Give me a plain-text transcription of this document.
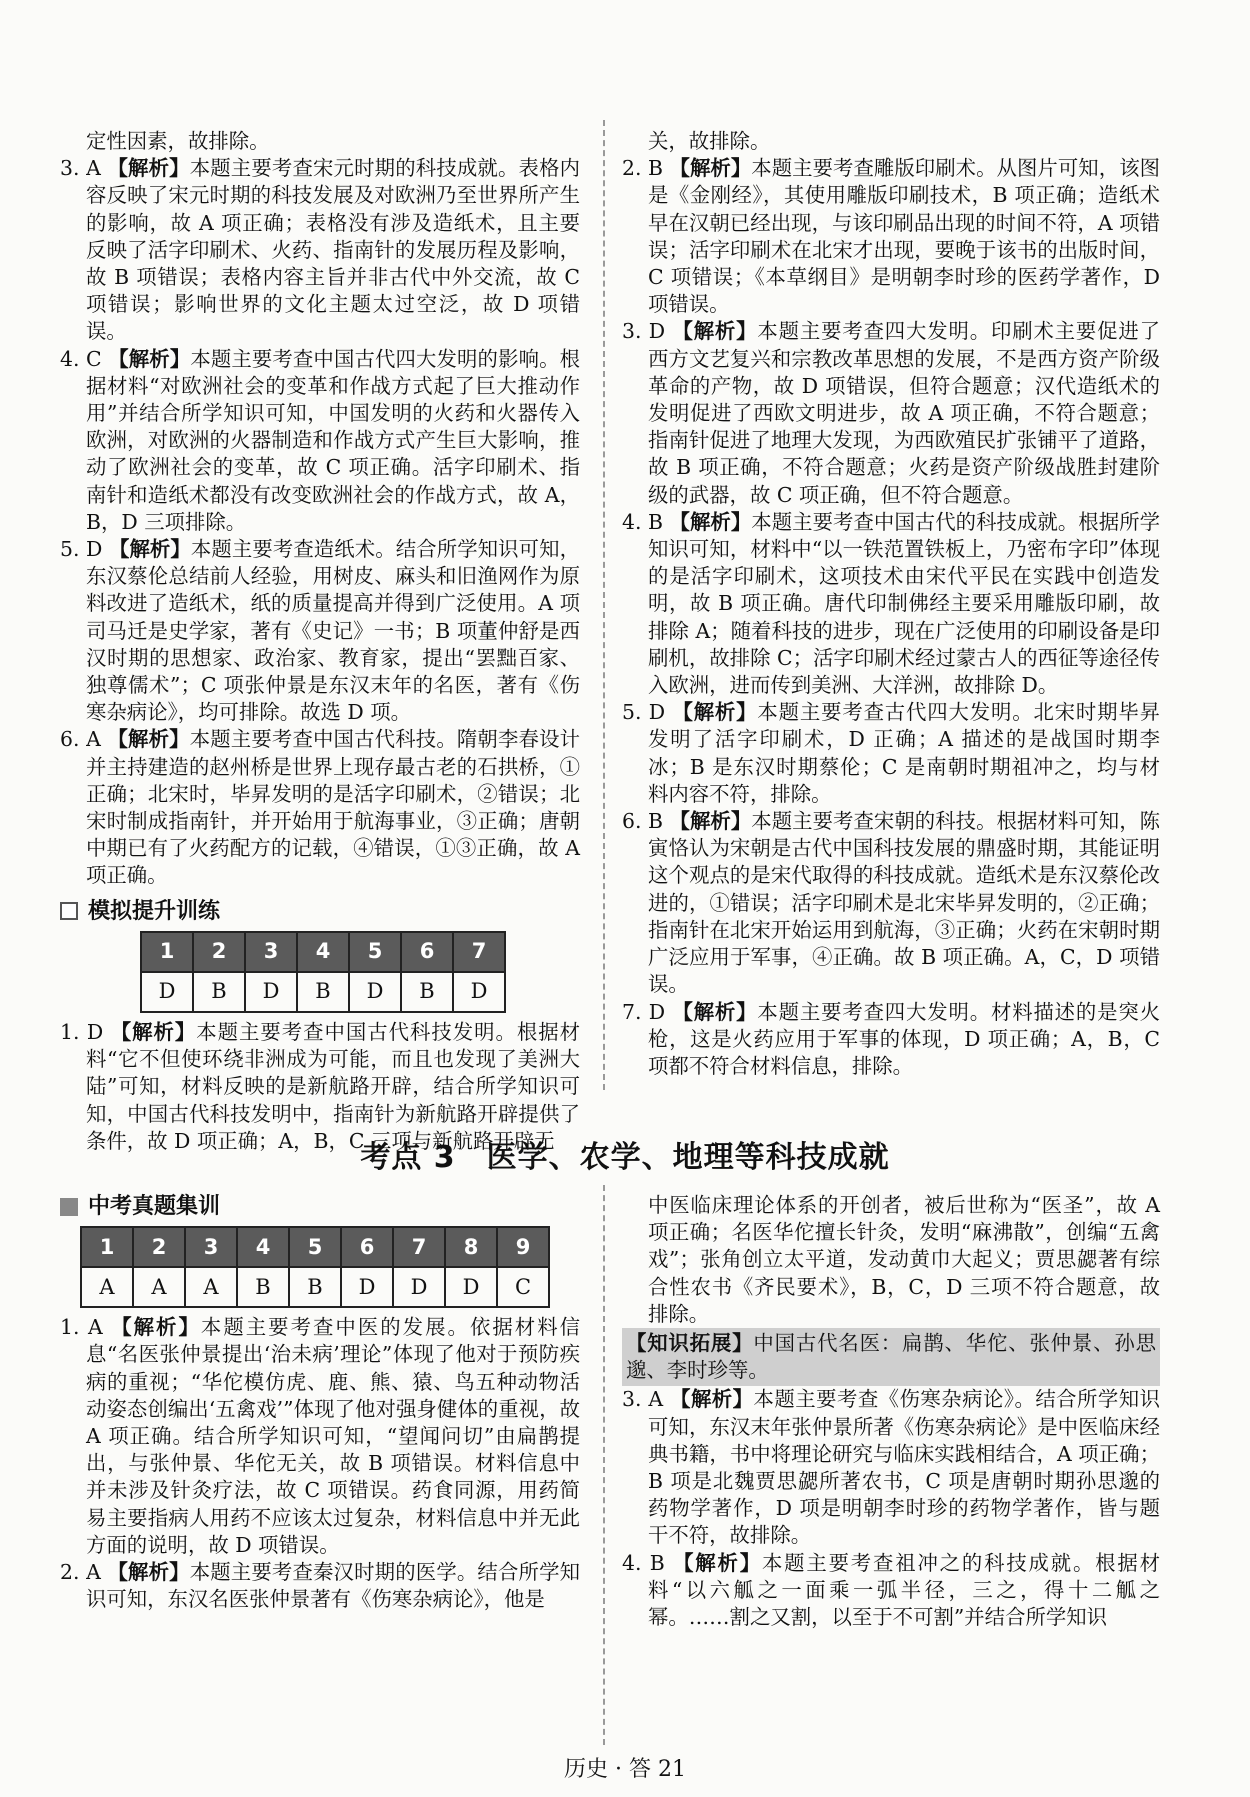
定性因素，故排除。

3. A 【解析】本题主要考查宋元时期的科技成就。表格内容反映了宋元时期的科技发展及对欧洲乃至世界所产生的影响，故 A 项正确；表格没有涉及造纸术，且主要反映了活字印刷术、火药、指南针的发展历程及影响，故 B 项错误；表格内容主旨并非古代中外交流，故 C 项错误；影响世界的文化主题太过空泛，故 D 项错误。

4. C 【解析】本题主要考查中国古代四大发明的影响。根据材料“对欧洲社会的变革和作战方式起了巨大推动作用”并结合所学知识可知，中国发明的火药和火器传入欧洲，对欧洲的火器制造和作战方式产生巨大影响，推动了欧洲社会的变革，故 C 项正确。活字印刷术、指南针和造纸术都没有改变欧洲社会的作战方式，故 A，B，D 三项排除。

5. D 【解析】本题主要考查造纸术。结合所学知识可知，东汉蔡伦总结前人经验，用树皮、麻头和旧渔网作为原料改进了造纸术，纸的质量提高并得到广泛使用。A 项司马迁是史学家，著有《史记》一书；B 项董仲舒是西汉时期的思想家、政治家、教育家，提出“罢黜百家、独尊儒术”；C 项张仲景是东汉末年的名医，著有《伤寒杂病论》，均可排除。故选 D 项。

6. A 【解析】本题主要考查中国古代科技。隋朝李春设计并主持建造的赵州桥是世界上现存最古老的石拱桥，①正确；北宋时，毕昇发明的是活字印刷术，②错误；北宋时制成指南针，并开始用于航海事业，③正确；唐朝中期已有了火药配方的记载，④错误，①③正确，故 A 项正确。

模拟提升训练
1	2	3	4	5	6	7
D	B	D	B	D	B	D

1. D 【解析】本题主要考查中国古代科技发明。根据材料“它不但使环绕非洲成为可能，而且也发现了美洲大陆”可知，材料反映的是新航路开辟，结合所学知识可知，中国古代科技发明中，指南针为新航路开辟提供了条件，故 D 项正确；A，B，C 三项与新航路开辟无

关，故排除。

2. B 【解析】本题主要考查雕版印刷术。从图片可知，该图是《金刚经》，其使用雕版印刷技术，B 项正确；造纸术早在汉朝已经出现，与该印刷品出现的时间不符，A 项错误；活字印刷术在北宋才出现，要晚于该书的出版时间，C 项错误；《本草纲目》是明朝李时珍的医药学著作，D 项错误。

3. D 【解析】本题主要考查四大发明。印刷术主要促进了西方文艺复兴和宗教改革思想的发展，不是西方资产阶级革命的产物，故 D 项错误，但符合题意；汉代造纸术的发明促进了西欧文明进步，故 A 项正确，不符合题意；指南针促进了地理大发现，为西欧殖民扩张铺平了道路，故 B 项正确，不符合题意；火药是资产阶级战胜封建阶级的武器，故 C 项正确，但不符合题意。

4. B 【解析】本题主要考查中国古代的科技成就。根据所学知识可知，材料中“以一铁范置铁板上，乃密布字印”体现的是活字印刷术，这项技术由宋代平民在实践中创造发明，故 B 项正确。唐代印制佛经主要采用雕版印刷，故排除 A；随着科技的进步，现在广泛使用的印刷设备是印刷机，故排除 C；活字印刷术经过蒙古人的西征等途径传入欧洲，进而传到美洲、大洋洲，故排除 D。

5. D 【解析】本题主要考查古代四大发明。北宋时期毕昇发明了活字印刷术，D 正确；A 描述的是战国时期李冰；B 是东汉时期蔡伦；C 是南朝时期祖冲之，均与材料内容不符，排除。

6. B 【解析】本题主要考查宋朝的科技。根据材料可知，陈寅恪认为宋朝是古代中国科技发展的鼎盛时期，其能证明这个观点的是宋代取得的科技成就。造纸术是东汉蔡伦改进的，①错误；活字印刷术是北宋毕昇发明的，②正确；指南针在北宋开始运用到航海，③正确；火药在宋朝时期广泛应用于军事，④正确。故 B 项正确。A，C，D 项错误。

7. D 【解析】本题主要考查四大发明。材料描述的是突火枪，这是火药应用于军事的体现，D 项正确；A，B，C 项都不符合材料信息，排除。

考点 3　医学、农学、地理等科技成就
中考真题集训
1	2	3	4	5	6	7	8	9
A	A	A	B	B	D	D	D	C

1. A 【解析】本题主要考查中医的发展。依据材料信息“名医张仲景提出‘治未病’理论”体现了他对于预防疾病的重视；“华佗模仿虎、鹿、熊、猿、鸟五种动物活动姿态创编出‘五禽戏’”体现了他对强身健体的重视，故 A 项正确。结合所学知识可知，“望闻问切”由扁鹊提出，与张仲景、华佗无关，故 B 项错误。材料信息中并未涉及针灸疗法，故 C 项错误。药食同源，用药简易主要指病人用药不应该太过复杂，材料信息中并无此方面的说明，故 D 项错误。

2. A 【解析】本题主要考查秦汉时期的医学。结合所学知识可知，东汉名医张仲景著有《伤寒杂病论》，他是

中医临床理论体系的开创者，被后世称为“医圣”，故 A 项正确；名医华佗擅长针灸，发明“麻沸散”，创编“五禽戏”；张角创立太平道，发动黄巾大起义；贾思勰著有综合性农书《齐民要术》，B，C，D 三项不符合题意，故排除。

【知识拓展】中国古代名医：扁鹊、华佗、张仲景、孙思邈、李时珍等。

3. A 【解析】本题主要考查《伤寒杂病论》。结合所学知识可知，东汉末年张仲景所著《伤寒杂病论》是中医临床经典书籍，书中将理论研究与临床实践相结合，A 项正确；B 项是北魏贾思勰所著农书，C 项是唐朝时期孙思邈的药物学著作，D 项是明朝李时珍的药物学著作，皆与题干不符，故排除。

4. B 【解析】本题主要考查祖冲之的科技成就。根据材料“以六觚之一面乘一弧半径，三之，得十二觚之幂。……割之又割，以至于不可割”并结合所学知识

历史 · 答 21
